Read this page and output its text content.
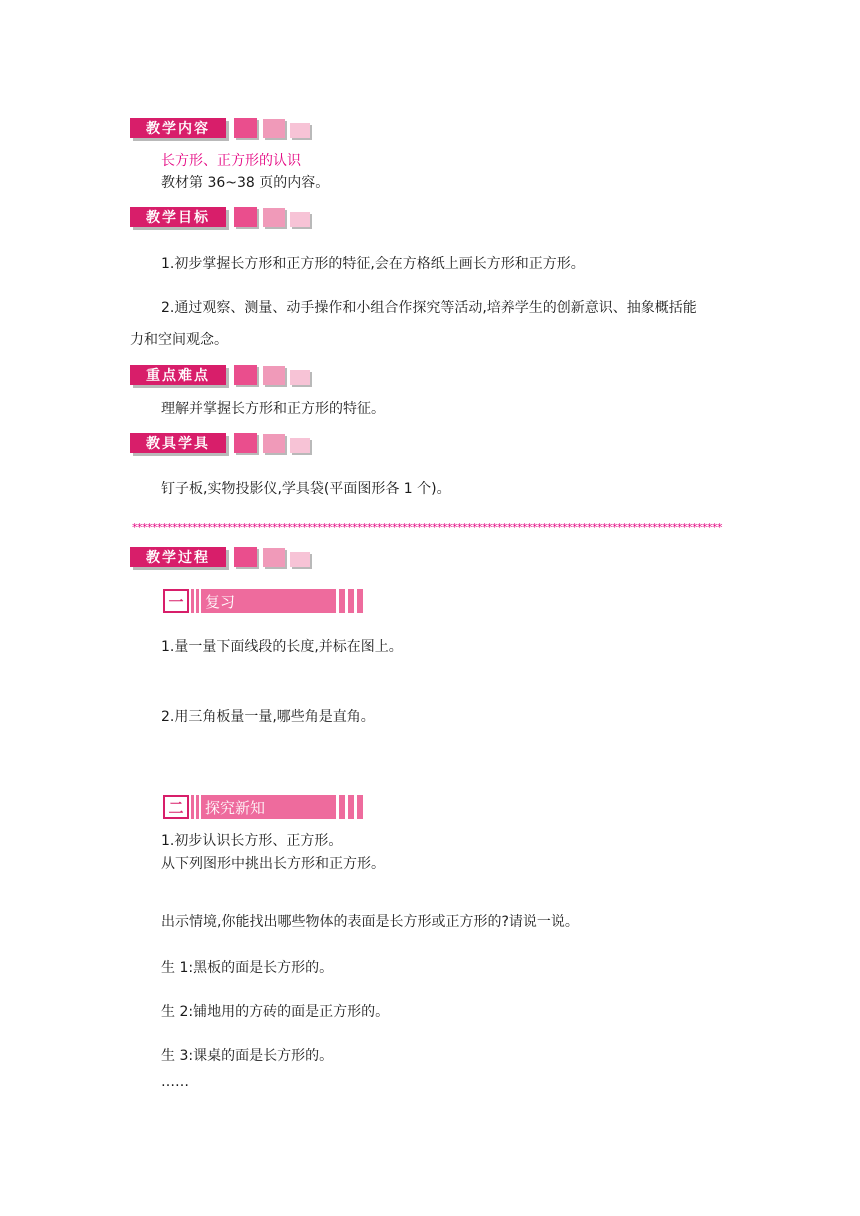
教学内容
长方形、正方形的认识
教材第 36~38 页的内容。
教学目标
1.初步掌握长方形和正方形的特征,会在方格纸上画长方形和正方形。
2.通过观察、测量、动手操作和小组合作探究等活动,培养学生的创新意识、抽象概括能
力和空间观念。
重点难点
理解并掌握长方形和正方形的特征。
教具学具
钉子板,实物投影仪,学具袋(平面图形各 1 个)。
**********************************************************************************************************************
教学过程
一	复习
1.量一量下面线段的长度,并标在图上。
2.用三角板量一量,哪些角是直角。
二	探究新知
1.初步认识长方形、正方形。
从下列图形中挑出长方形和正方形。
出示情境,你能找出哪些物体的表面是长方形或正方形的?请说一说。
生 1:黑板的面是长方形的。
生 2:铺地用的方砖的面是正方形的。
生 3:课桌的面是长方形的。
……
